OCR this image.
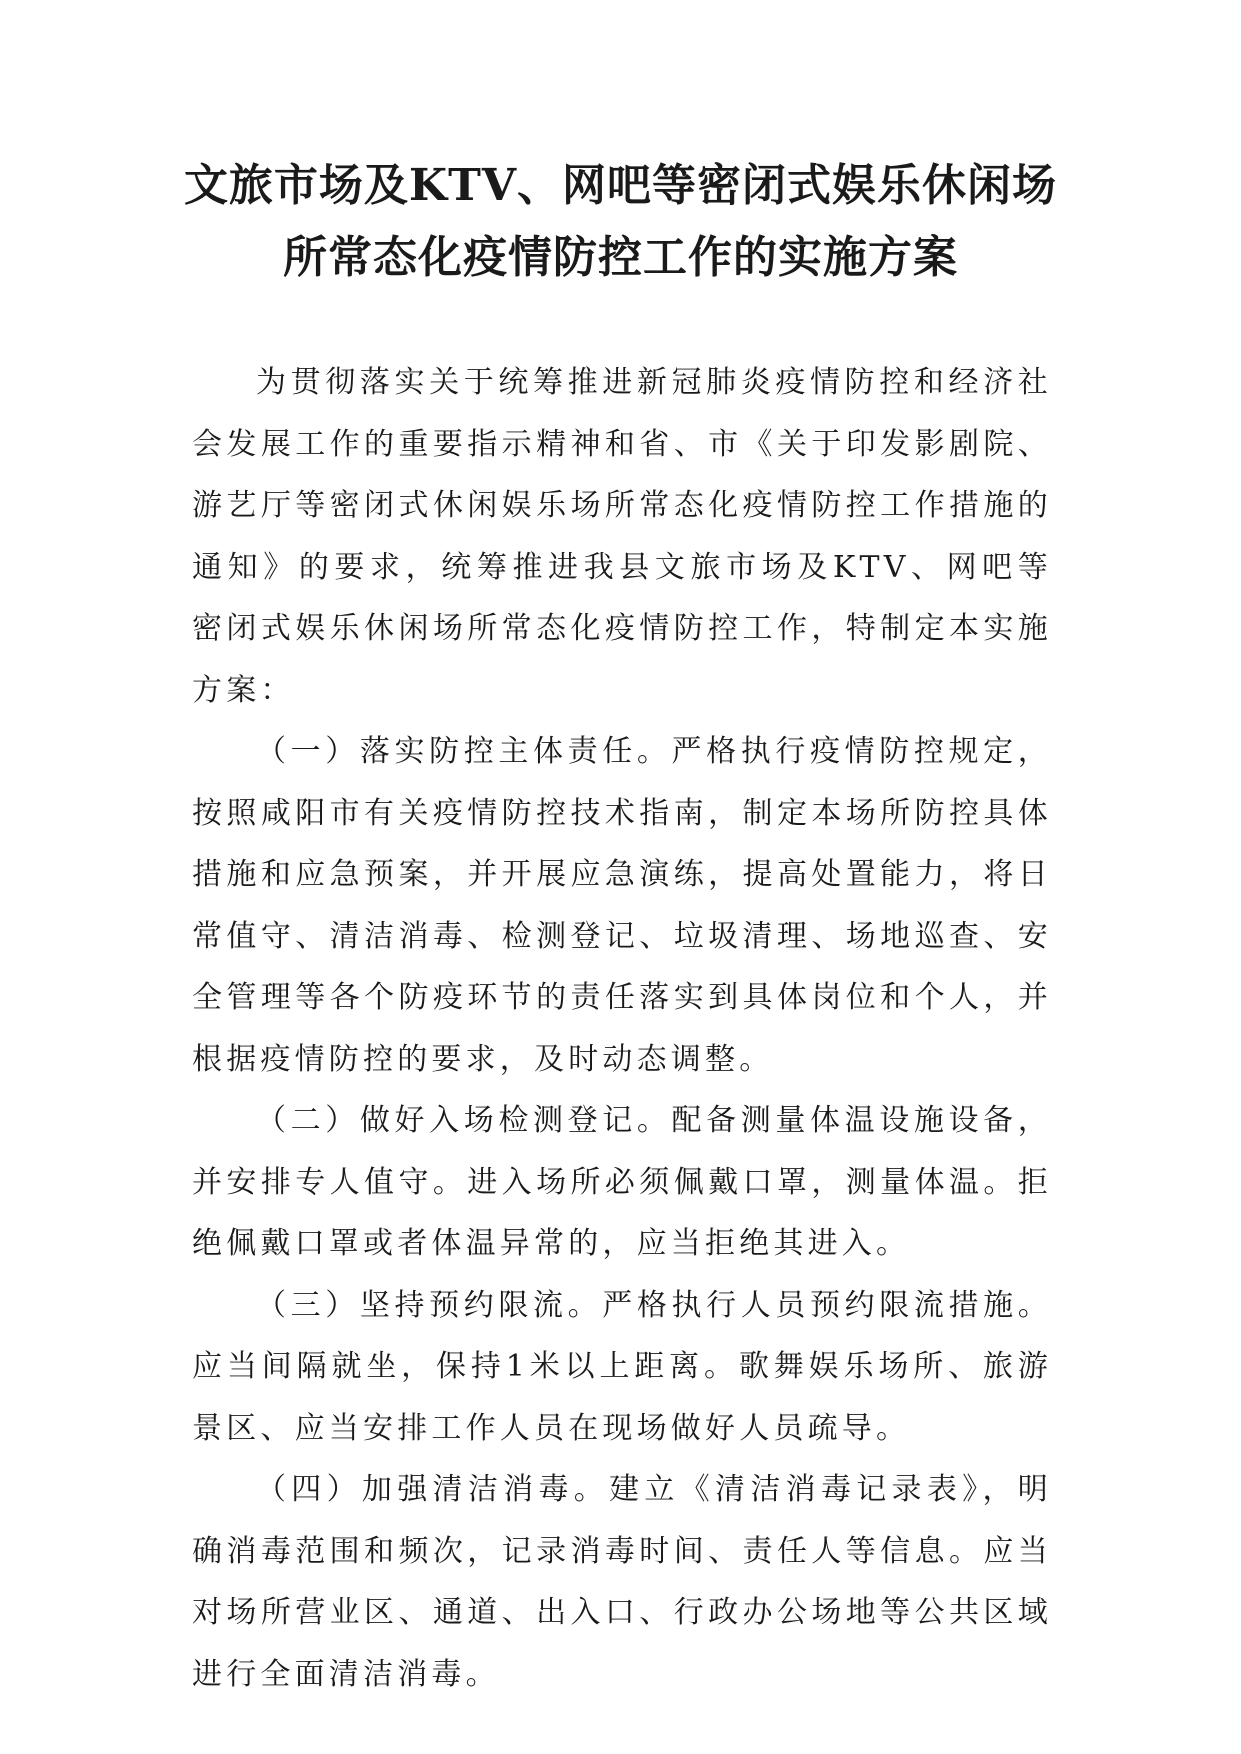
文旅市场及KTV、网吧等密闭式娱乐休闲场
所常态化疫情防控工作的实施方案

为贯彻落实关于统筹推进新冠肺炎疫情防控和经济社会发展工作的重要指示精神和省、市《关于印发影剧院、游艺厅等密闭式休闲娱乐场所常态化疫情防控工作措施的通知》的要求，统筹推进我县文旅市场及KTV、网吧等密闭式娱乐休闲场所常态化疫情防控工作，特制定本实施方案：

（一）落实防控主体责任。严格执行疫情防控规定，按照咸阳市有关疫情防控技术指南，制定本场所防控具体措施和应急预案，并开展应急演练，提高处置能力，将日常值守、清洁消毒、检测登记、垃圾清理、场地巡查、安全管理等各个防疫环节的责任落实到具体岗位和个人，并根据疫情防控的要求，及时动态调整。

（二）做好入场检测登记。配备测量体温设施设备，并安排专人值守。进入场所必须佩戴口罩，测量体温。拒绝佩戴口罩或者体温异常的，应当拒绝其进入。

（三）坚持预约限流。严格执行人员预约限流措施。应当间隔就坐，保持1米以上距离。歌舞娱乐场所、旅游景区、应当安排工作人员在现场做好人员疏导。

（四）加强清洁消毒。建立《清洁消毒记录表》，明确消毒范围和频次，记录消毒时间、责任人等信息。应当对场所营业区、通道、出入口、行政办公场地等公共区域进行全面清洁消毒。
